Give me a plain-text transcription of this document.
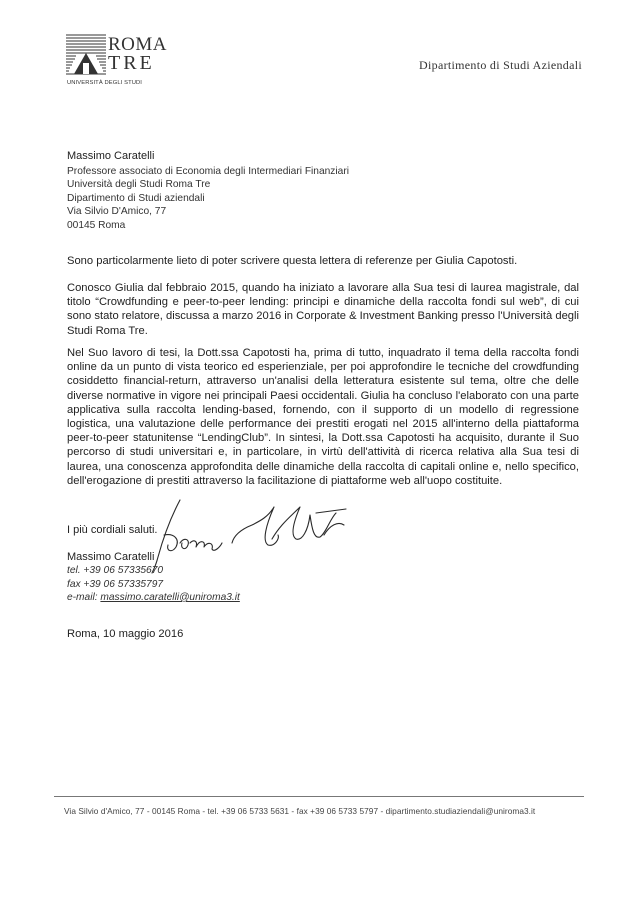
ROMA
TRE
UNIVERSITÀ DEGLI STUDI
Dipartimento di Studi Aziendali
Massimo Caratelli
Professore associato di Economia degli Intermediari Finanziari
Università degli Studi Roma Tre
Dipartimento di Studi aziendali
Via Silvio D'Amico, 77
00145 Roma
Sono particolarmente lieto di poter scrivere questa lettera di referenze per Giulia Capotosti.
Conosco Giulia dal febbraio 2015, quando ha iniziato a lavorare alla Sua tesi di laurea magistrale, dal titolo “Crowdfunding e peer-to-peer lending: principi e dinamiche della raccolta fondi sul web”, di cui sono stato relatore, discussa a marzo 2016 in Corporate & Investment Banking presso l'Università degli Studi Roma Tre.
Nel Suo lavoro di tesi, la Dott.ssa Capotosti ha, prima di tutto, inquadrato il tema della raccolta fondi online da un punto di vista teorico ed esperienziale, per poi approfondire le tecniche del crowdfunding cosiddetto financial-return, attraverso un'analisi della letteratura esistente sul tema, oltre che delle diverse normative in vigore nei principali Paesi occidentali. Giulia ha concluso l'elaborato con una parte applicativa sulla raccolta lending-based, fornendo, con il supporto di un modello di regressione logistica, una valutazione delle performance dei prestiti erogati nel 2015 all'interno della piattaforma peer-to-peer statunitense “LendingClub”. In sintesi, la Dott.ssa Capotosti ha acquisito, durante il Suo percorso di studi universitari e, in particolare, in virtù dell'attività di ricerca relativa alla Sua tesi di laurea, una conoscenza approfondita delle dinamiche della raccolta di capitali online e, nello specifico, dell'erogazione di prestiti attraverso la facilitazione di piattaforme web all'uopo costituite.
I più cordiali saluti.
Massimo Caratelli
tel. +39 06 57335670
fax +39 06 57335797
e-mail: massimo.caratelli@uniroma3.it
Roma, 10 maggio 2016
Via Silvio d'Amico, 77 - 00145 Roma - tel. +39 06 5733 5631 - fax +39 06 5733 5797 - dipartimento.studiaziendali@uniroma3.it
